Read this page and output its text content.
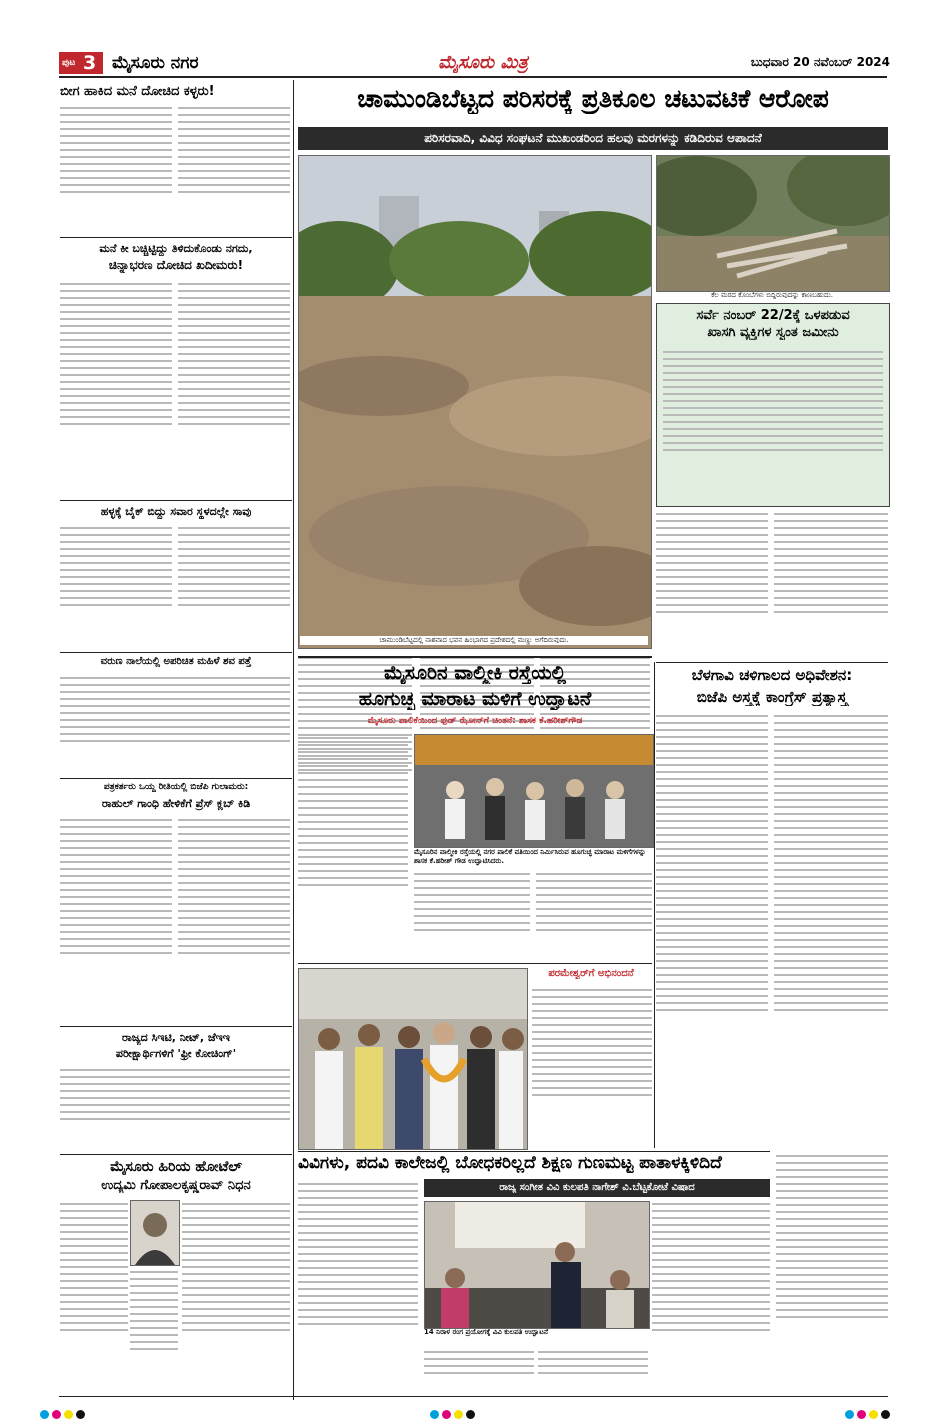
ಪುಟ 3 ಮೈಸೂರು ನಗರ	ಮೈಸೂರು ಮಿತ್ರ	ಬುಧವಾರ 20 ನವೆಂಬರ್ 2024
ಬೀಗ ಹಾಕಿದ ಮನೆ ದೋಚಿದ ಕಳ್ಳರು!
ಮನೆ ಕೀ ಬಚ್ಚಿಟ್ಟಿದ್ದು ತಿಳಿದುಕೊಂಡು ನಗದು,
ಚಿನ್ನಾಭರಣ ದೋಚಿದ ಖದೀಮರು!
ಹಳ್ಳಕ್ಕೆ ಬೈಕ್ ಬಿದ್ದು ಸವಾರ ಸ್ಥಳದಲ್ಲೇ ಸಾವು
ವರುಣ ನಾಲೆಯಲ್ಲಿ ಅಪರಿಚಿತ ಮಹಿಳೆ ಶವ ಪತ್ತೆ
ಪತ್ರಕರ್ತರು ಒಯ್ದ ರೀತಿಯಲ್ಲಿ ಬಿಜೆಪಿ ಗುಲಾಮರು:
ರಾಹುಲ್ ಗಾಂಧಿ ಹೇಳಿಕೆಗೆ ಪ್ರೆಸ್ ಕ್ಲಬ್ ಕಿಡಿ
ರಾಜ್ಯದ ಸಿಇಟಿ, ನೀಟ್, ಜೆಇಇ
ಪರೀಕ್ಷಾರ್ಥಿಗಳಿಗೆ 'ಫ್ರೀ ಕೋಚಿಂಗ್'
ಮೈಸೂರು ಹಿರಿಯ ಹೋಟೆಲ್
ಉದ್ಯಮಿ ಗೋಪಾಲಕೃಷ್ಣರಾವ್ ನಿಧನ
ಚಾಮುಂಡಿಬೆಟ್ಟದ ಪರಿಸರಕ್ಕೆ ಪ್ರತಿಕೂಲ ಚಟುವಟಿಕೆ ಆರೋಪ
ಪರಿಸರವಾದಿ, ವಿವಿಧ ಸಂಘಟನೆ ಮುಖಂಡರಿಂದ ಹಲವು ಮರಗಳನ್ನು ಕಡಿದಿರುವ ಆಪಾದನೆ
ಚಾಮುಂಡಿಬೆಟ್ಟದಲ್ಲಿ ನಾಶವಾದ ಭವನ ಹಿಂಭಾಗದ ಪ್ರದೇಶದಲ್ಲಿ ಮಣ್ಣು ಅಗೆದಿರುವುದು.
ಕೆಲ ಮರದ ಕೊಂಬೆಗಳು ಬಿದ್ದಿರುವುದನ್ನು ಕಾಣಬಹುದು.
ಸರ್ವೆ ನಂಬರ್ 22/2ಕ್ಕೆ ಒಳಪಡುವ
ಖಾಸಗಿ ವ್ಯಕ್ತಿಗಳ ಸ್ವಂತ ಜಮೀನು
ಮೈಸೂರಿನ ವಾಲ್ಮೀಕಿ ರಸ್ತೆಯಲ್ಲಿ
ಹೂಗುಚ್ಛ ಮಾರಾಟ ಮಳಿಗೆ ಉದ್ಘಾಟನೆ
ಮೈಸೂರು ಪಾಲಿಕೆಯಿಂದ ಫುಡ್ ಝೋನ್‌ಗೆ ಚಿಂತನೆ: ಶಾಸಕ ಕೆ.ಹರೀಶ್‌ಗೌಡ
ಮೈಸೂರಿನ ವಾಲ್ಮೀಕಿ ರಸ್ತೆಯಲ್ಲಿ ನಗರ ಪಾಲಿಕೆ ವತಿಯಿಂದ ನಿರ್ಮಿಸಿರುವ ಹೂಗುಚ್ಛ ಮಾರಾಟ ಮಳಿಗೆಗಳನ್ನು ಶಾಸಕ ಕೆ.ಹರೀಶ್ ಗೌಡ ಉದ್ಘಾಟಿಸಿದರು.
ಪರಮೇಶ್ವರ್‌ಗೆ ಅಭಿನಂದನೆ
ಬೆಳಗಾವಿ ಚಳಿಗಾಲದ ಅಧಿವೇಶನ:
ಬಿಜೆಪಿ ಅಸ್ತ್ರಕ್ಕೆ ಕಾಂಗ್ರೆಸ್ ಪ್ರತ್ಯಾಸ್ತ್ರ
ವಿವಿಗಳು, ಪದವಿ ಕಾಲೇಜಲ್ಲಿ ಬೋಧಕರಿಲ್ಲದೆ ಶಿಕ್ಷಣ ಗುಣಮಟ್ಟ ಪಾತಾಳಕ್ಕಿಳಿದಿದೆ
ರಾಜ್ಯ ಸಂಗೀತ ವಿವಿ ಕುಲಪತಿ ನಾಗೇಶ್ ವಿ.ಬೆಟ್ಟಕೋಟೆ ವಿಷಾದ
14 ನಿರಾಳ ರಂಗ ಪ್ರಯೋಗಕ್ಕೆ ವಿವಿ ಕುಲಪತಿ ಉದ್ಘಾಟನೆ
